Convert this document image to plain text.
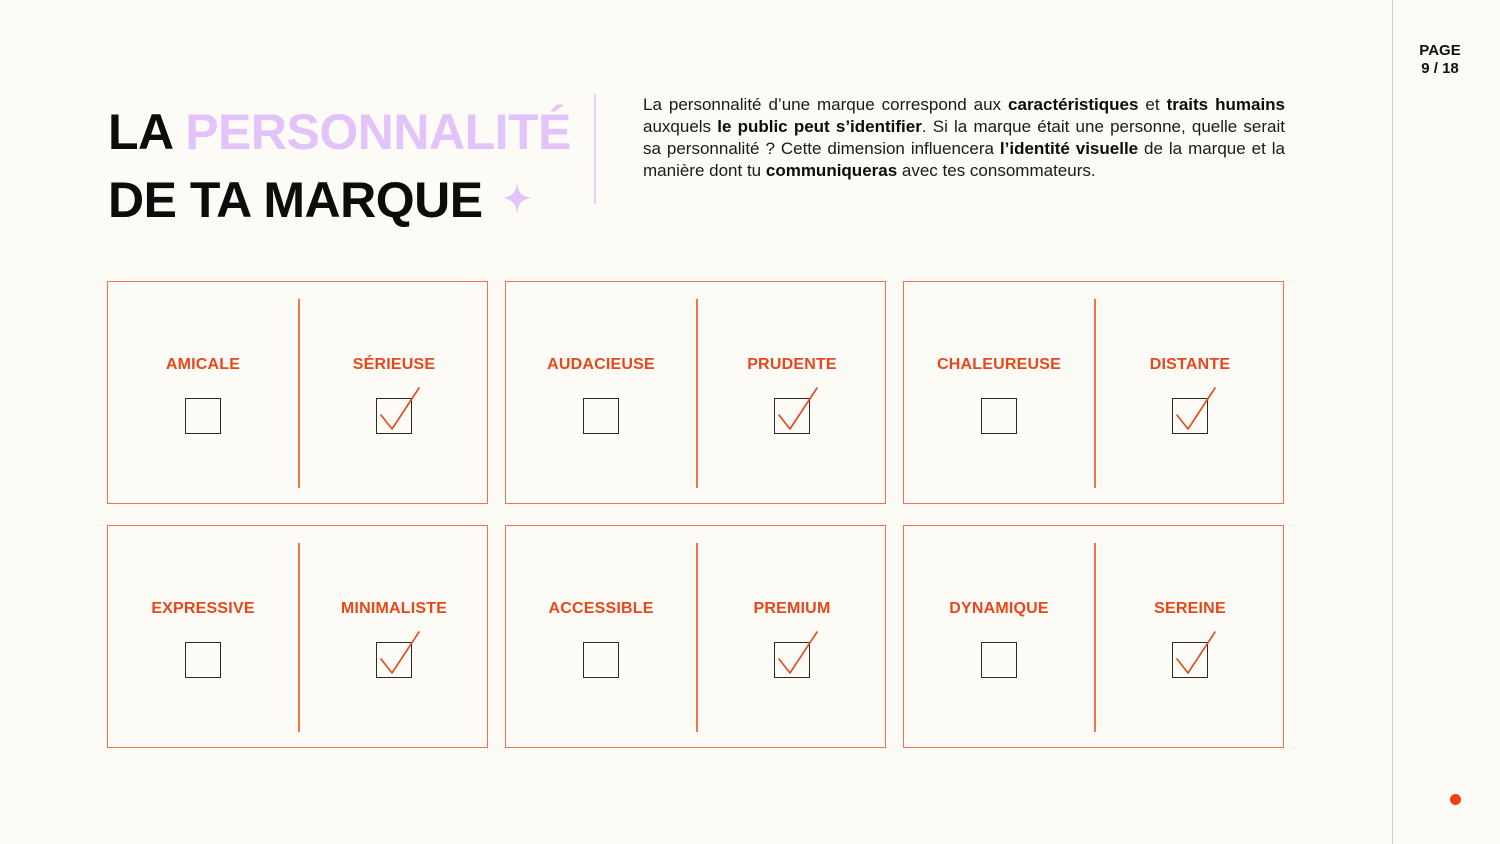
PAGE
9 / 18
LA PERSONNALITÉ
DE TA MARQUE

La personnalité d’une marque correspond aux caractéristiques et traits humains auxquels le public peut s’identifier. Si la marque était une personne, quelle serait sa personnalité ? Cette dimension influencera l’identité visuelle de la marque et la manière dont tu communiqueras avec tes consommateurs.

AMICALE	SÉRIEUSE	AUDACIEUSE	PRUDENTE	CHALEUREUSE	DISTANTE
EXPRESSIVE	MINIMALISTE	ACCESSIBLE	PREMIUM	DYNAMIQUE	SEREINE
